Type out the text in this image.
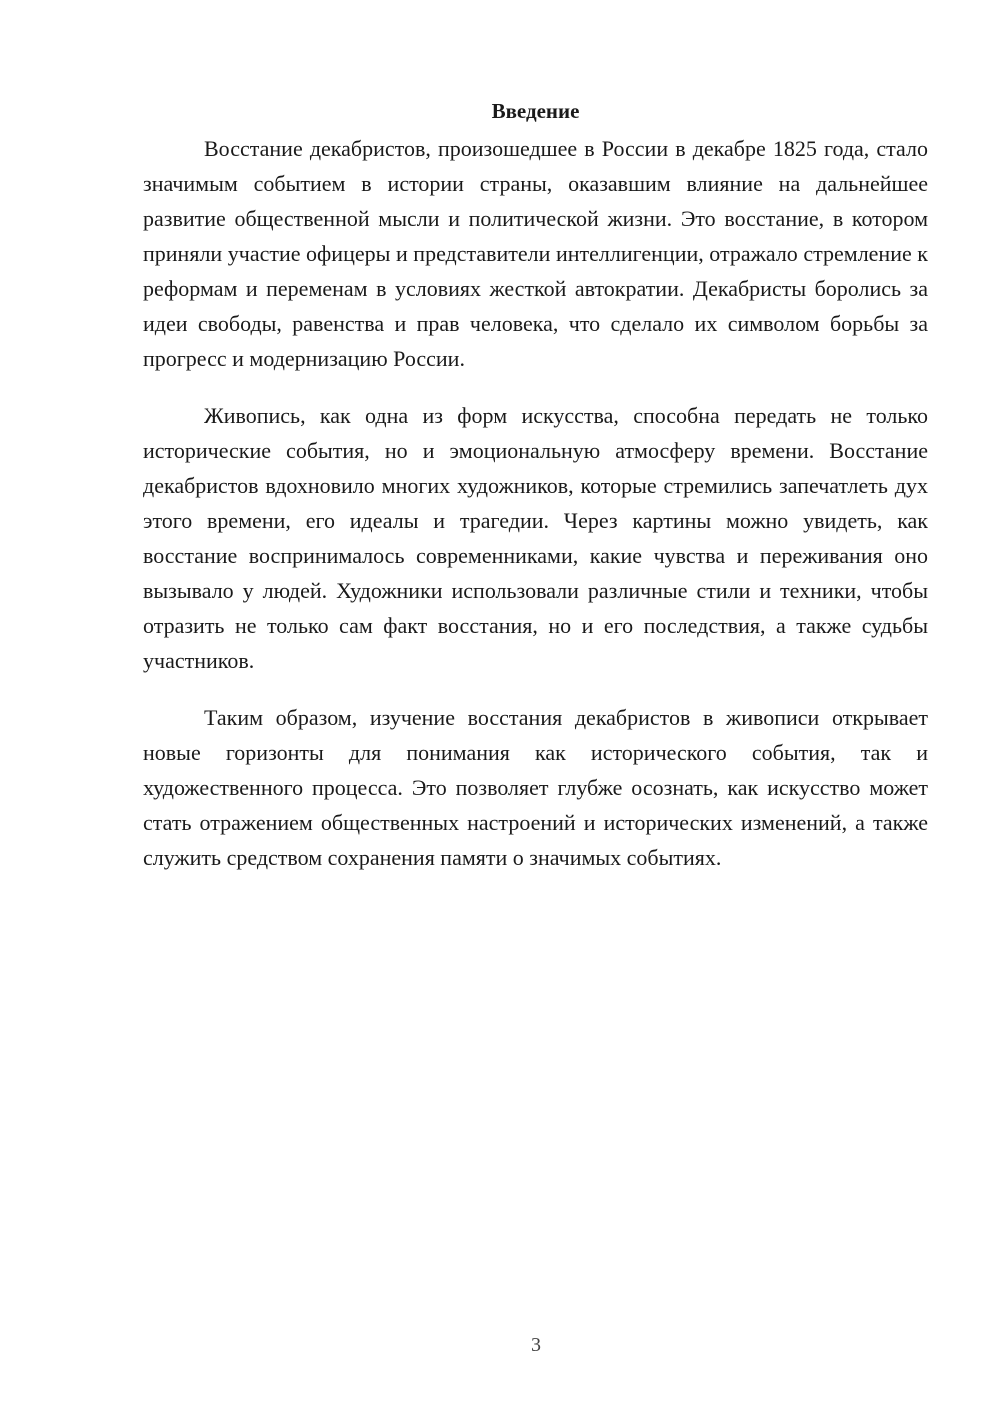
Введение

Восстание декабристов, произошедшее в России в декабре 1825 года, стало значимым событием в истории страны, оказавшим влияние на дальнейшее развитие общественной мысли и политической жизни. Это восстание, в котором приняли участие офицеры и представители интеллигенции, отражало стремление к реформам и переменам в условиях жесткой автократии. Декабристы боролись за идеи свободы, равенства и прав человека, что сделало их символом борьбы за прогресс и модернизацию России.

Живопись, как одна из форм искусства, способна передать не только исторические события, но и эмоциональную атмосферу времени. Восстание декабристов вдохновило многих художников, которые стремились запечатлеть дух этого времени, его идеалы и трагедии. Через картины можно увидеть, как восстание воспринималось современниками, какие чувства и переживания оно вызывало у людей. Художники использовали различные стили и техники, чтобы отразить не только сам факт восстания, но и его последствия, а также судьбы участников.

Таким образом, изучение восстания декабристов в живописи открывает новые горизонты для понимания как исторического события, так и художественного процесса. Это позволяет глубже осознать, как искусство может стать отражением общественных настроений и исторических изменений, а также служить средством сохранения памяти о значимых событиях.

3
